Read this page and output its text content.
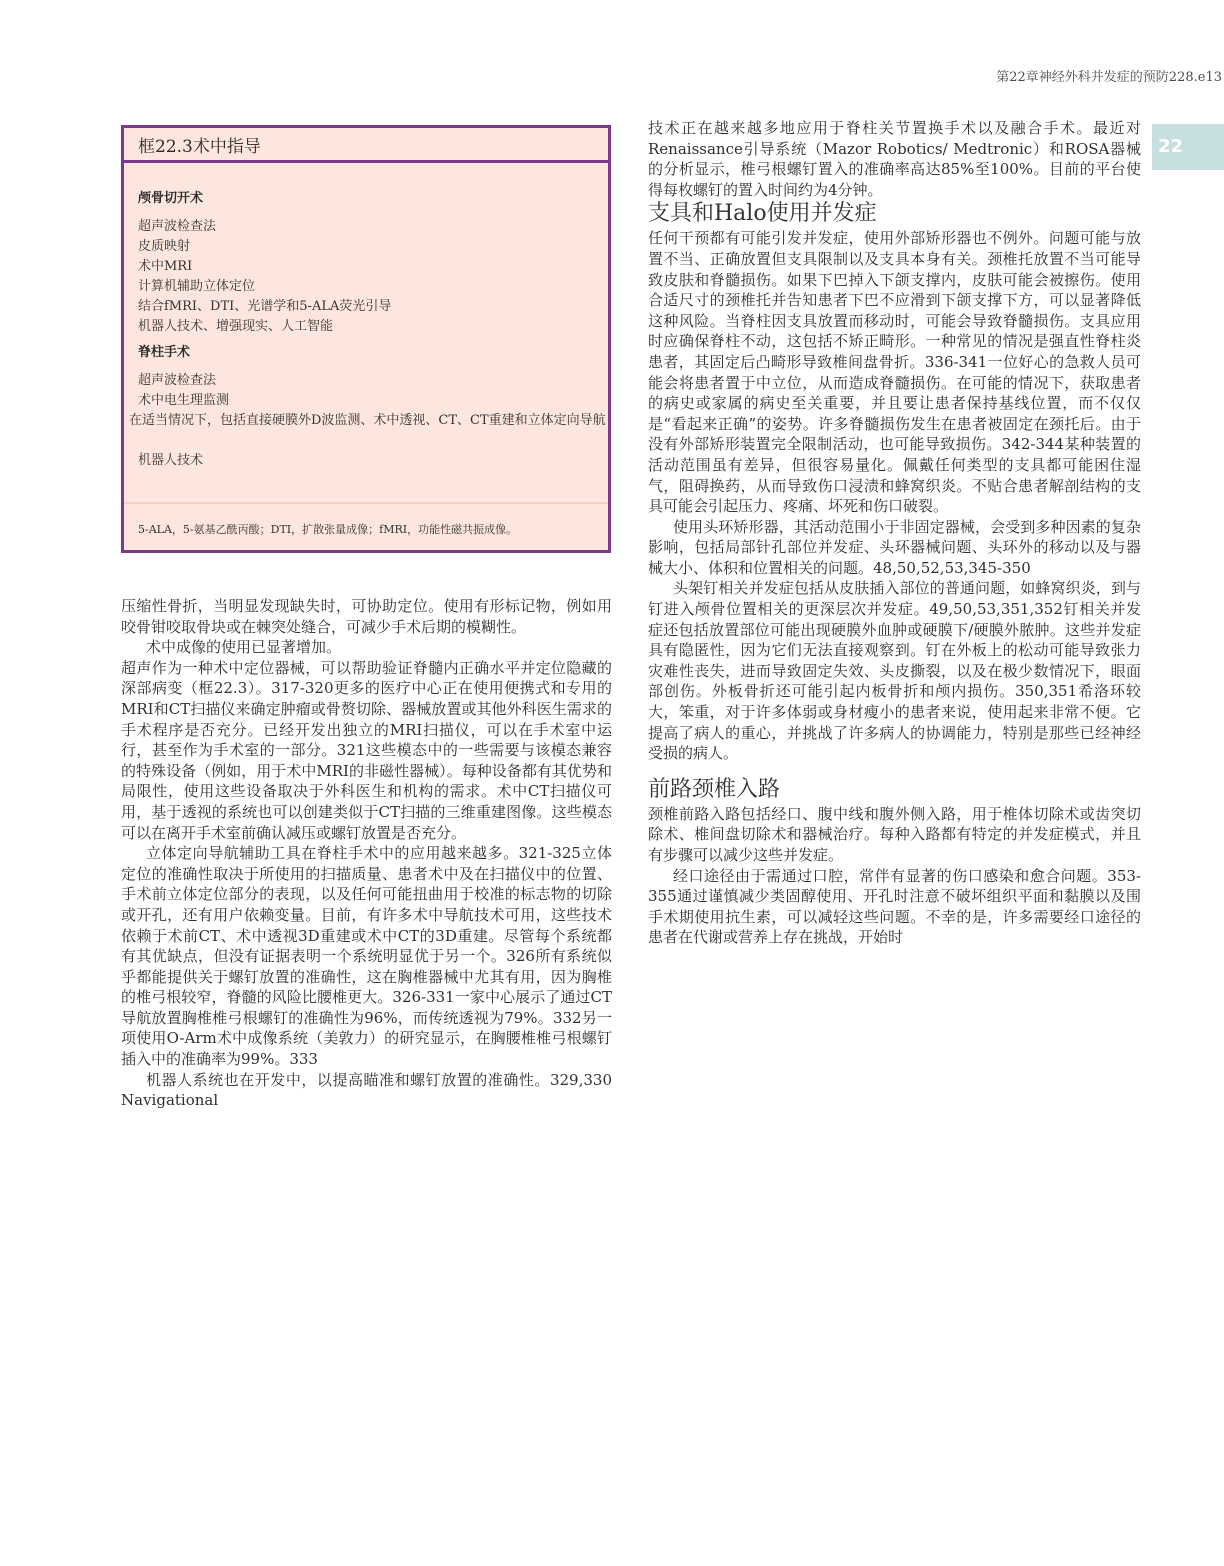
第22章神经外科并发症的预防228.e13
22
框22.3术中指导
颅骨切开术
超声波检查法
皮质映射
术中MRI
计算机辅助立体定位
结合fMRI、DTI、光谱学和5-ALA荧光引导
机器人技术、增强现实、人工智能
脊柱手术
超声波检查法
术中电生理监测
在适当情况下，包括直接硬膜外D波监测、术中透视、CT、CT重建和立体定向导航
机器人技术
5-ALA，5-氨基乙酰丙酸；DTI，扩散张量成像；fMRI，功能性磁共振成像。

压缩性骨折，当明显发现缺失时，可协助定位。使用有形标记物，例如用咬骨钳咬取骨块或在棘突处缝合，可减少手术后期的模糊性。

术中成像的使用已显著增加。

超声作为一种术中定位器械，可以帮助验证脊髓内正确水平并定位隐藏的深部病变（框22.3）。317-320更多的医疗中心正在使用便携式和专用的MRI和CT扫描仪来确定肿瘤或骨赘切除、器械放置或其他外科医生需求的手术程序是否充分。已经开发出独立的MRI扫描仪，可以在手术室中运行，甚至作为手术室的一部分。321这些模态中的一些需要与该模态兼容的特殊设备（例如，用于术中MRI的非磁性器械）。每种设备都有其优势和局限性，使用这些设备取决于外科医生和机构的需求。术中CT扫描仪可用，基于透视的系统也可以创建类似于CT扫描的三维重建图像。这些模态可以在离开手术室前确认减压或螺钉放置是否充分。

立体定向导航辅助工具在脊柱手术中的应用越来越多。321-325立体定位的准确性取决于所使用的扫描质量、患者术中及在扫描仪中的位置、手术前立体定位部分的表现，以及任何可能扭曲用于校准的标志物的切除或开孔，还有用户依赖变量。目前，有许多术中导航技术可用，这些技术依赖于术前CT、术中透视3D重建或术中CT的3D重建。尽管每个系统都有其优缺点，但没有证据表明一个系统明显优于另一个。326所有系统似乎都能提供关于螺钉放置的准确性，这在胸椎器械中尤其有用，因为胸椎的椎弓根较窄，脊髓的风险比腰椎更大。326-331一家中心展示了通过CT导航放置胸椎椎弓根螺钉的准确性为96%，而传统透视为79%。332另一项使用O-Arm术中成像系统（美敦力）的研究显示，在胸腰椎椎弓根螺钉插入中的准确率为99%。333

机器人系统也在开发中，以提高瞄准和螺钉放置的准确性。329,330 Navigational

技术正在越来越多地应用于脊柱关节置换手术以及融合手术。最近对Renaissance引导系统（Mazor Robotics/ Medtronic）和ROSA器械的分析显示，椎弓根螺钉置入的准确率高达85%至100%。目前的平台使得每枚螺钉的置入时间约为4分钟。

支具和Halo使用并发症

任何干预都有可能引发并发症，使用外部矫形器也不例外。问题可能与放置不当、正确放置但支具限制以及支具本身有关。颈椎托放置不当可能导致皮肤和脊髓损伤。如果下巴掉入下颌支撑内，皮肤可能会被擦伤。使用合适尺寸的颈椎托并告知患者下巴不应滑到下颌支撑下方，可以显著降低这种风险。当脊柱因支具放置而移动时，可能会导致脊髓损伤。支具应用时应确保脊柱不动，这包括不矫正畸形。一种常见的情况是强直性脊柱炎患者，其固定后凸畸形导致椎间盘骨折。336-341一位好心的急救人员可能会将患者置于中立位，从而造成脊髓损伤。在可能的情况下，获取患者的病史或家属的病史至关重要，并且要让患者保持基线位置，而不仅仅是“看起来正确”的姿势。许多脊髓损伤发生在患者被固定在颈托后。由于没有外部矫形装置完全限制活动，也可能导致损伤。342-344某种装置的活动范围虽有差异，但很容易量化。佩戴任何类型的支具都可能困住湿气，阻碍换药，从而导致伤口浸渍和蜂窝织炎。不贴合患者解剖结构的支具可能会引起压力、疼痛、坏死和伤口破裂。

使用头环矫形器，其活动范围小于非固定器械，会受到多种因素的复杂影响，包括局部针孔部位并发症、头环器械问题、头环外的移动以及与器械大小、体积和位置相关的问题。48,50,52,53,345-350

头架钉相关并发症包括从皮肤插入部位的普通问题，如蜂窝织炎，到与钉进入颅骨位置相关的更深层次并发症。49,50,53,351,352钉相关并发症还包括放置部位可能出现硬膜外血肿或硬膜下/硬膜外脓肿。这些并发症具有隐匿性，因为它们无法直接观察到。钉在外板上的松动可能导致张力灾难性丧失，进而导致固定失效、头皮撕裂，以及在极少数情况下，眼面部创伤。外板骨折还可能引起内板骨折和颅内损伤。350,351希洛环较大，笨重，对于许多体弱或身材瘦小的患者来说，使用起来非常不便。它提高了病人的重心，并挑战了许多病人的协调能力，特别是那些已经神经受损的病人。

前路颈椎入路

颈椎前路入路包括经口、腹中线和腹外侧入路，用于椎体切除术或齿突切除术、椎间盘切除术和器械治疗。每种入路都有特定的并发症模式，并且有步骤可以减少这些并发症。

经口途径由于需通过口腔，常伴有显著的伤口感染和愈合问题。353-355通过谨慎减少类固醇使用、开孔时注意不破坏组织平面和黏膜以及围手术期使用抗生素，可以减轻这些问题。不幸的是，许多需要经口途径的患者在代谢或营养上存在挑战，开始时
